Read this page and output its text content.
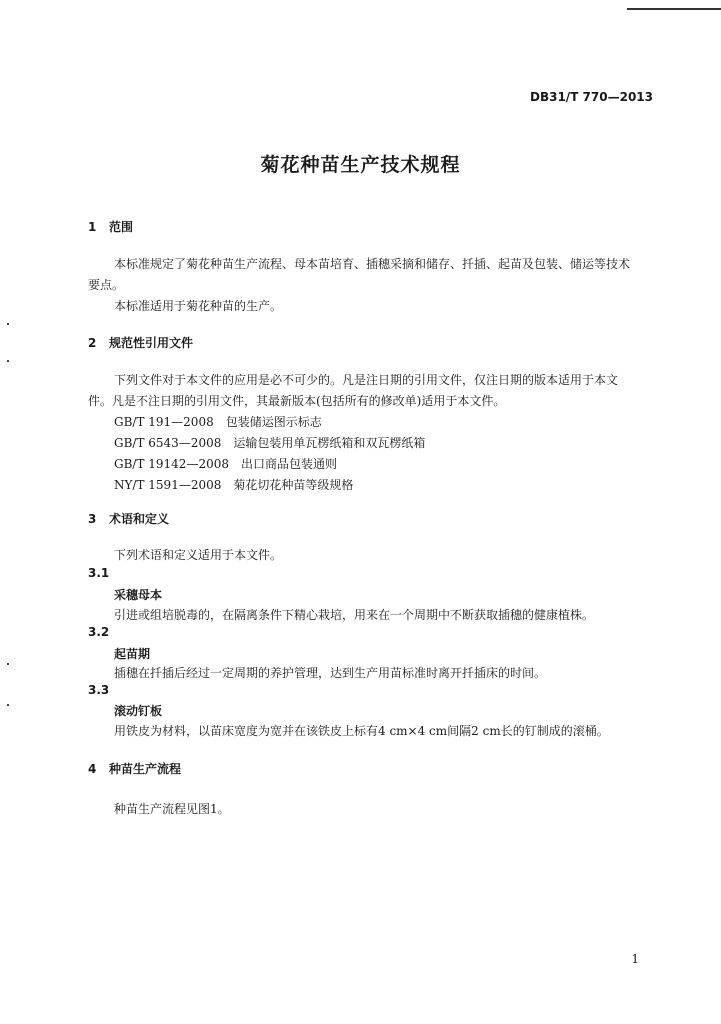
DB31/T 770—2013
菊花种苗生产技术规程
1 范围
本标准规定了菊花种苗生产流程、母本苗培育、插穗采摘和储存、扦插、起苗及包装、储运等技术
要点。
本标准适用于菊花种苗的生产。
2 规范性引用文件
下列文件对于本文件的应用是必不可少的。凡是注日期的引用文件，仅注日期的版本适用于本文
件。凡是不注日期的引用文件，其最新版本(包括所有的修改单)适用于本文件。
GB/T 191—2008　包装储运图示标志
GB/T 6543—2008　运输包装用单瓦楞纸箱和双瓦楞纸箱
GB/T 19142—2008　出口商品包装通则
NY/T 1591—2008　菊花切花种苗等级规格
3 术语和定义
下列术语和定义适用于本文件。
3.1
采穗母本
引进或组培脱毒的，在隔离条件下精心栽培，用来在一个周期中不断获取插穗的健康植株。
3.2
起苗期
插穗在扦插后经过一定周期的养护管理，达到生产用苗标准时离开扦插床的时间。
3.3
滚动钉板
用铁皮为材料，以苗床宽度为宽并在该铁皮上标有4 cm×4 cm间隔2 cm长的钉制成的滚桶。
4 种苗生产流程
种苗生产流程见图1。
1
